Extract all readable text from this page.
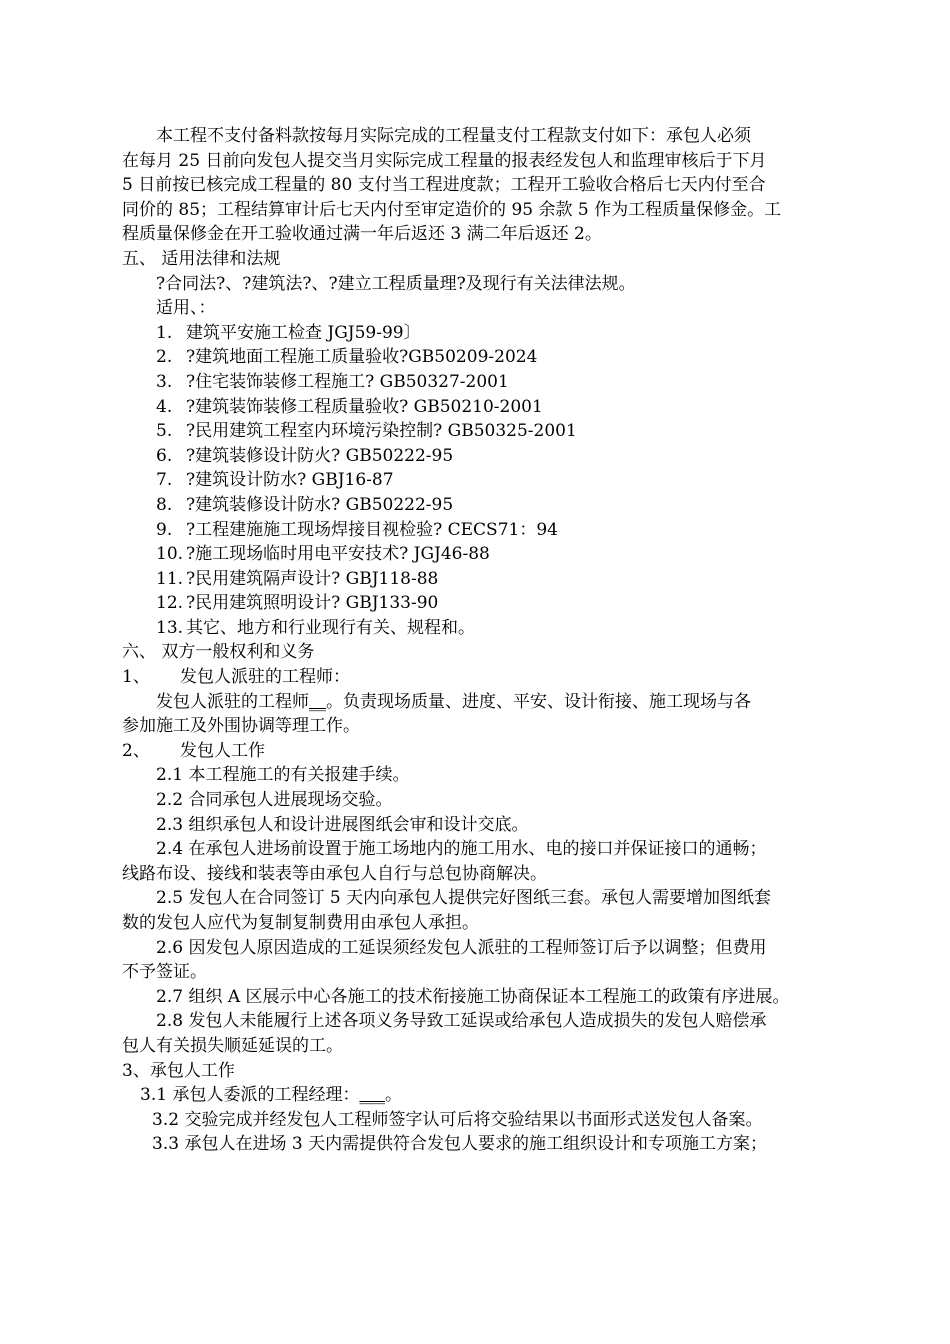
本工程不支付备料款按每月实际完成的工程量支付工程款支付如下：承包人必须

在每月 25 日前向发包人提交当月实际完成工程量的报表经发包人和监理审核后于下月

5 日前按已核完成工程量的 80 支付当工程进度款；工程开工验收合格后七天内付至合

同价的 85；工程结算审计后七天内付至审定造价的 95 余款 5 作为工程质量保修金。工

程质量保修金在开工验收通过满一年后返还 3 满二年后返还 2。

五、 适用法律和法规

?合同法?、?建筑法?、?建立工程质量理?及现行有关法律法规。

适用、：

1. 建筑平安施工检查 JGJ59-99〕

2. ?建筑地面工程施工质量验收?GB50209-2024

3. ?住宅装饰装修工程施工? GB50327-2001

4. ?建筑装饰装修工程质量验收? GB50210-2001

5. ?民用建筑工程室内环境污染控制? GB50325-2001

6. ?建筑装修设计防火? GB50222-95

7. ?建筑设计防水? GBJ16-87

8. ?建筑装修设计防水? GB50222-95

9. ?工程建施施工现场焊接目视检验? CECS71：94

10. ?施工现场临时用电平安技术? JGJ46-88

11. ?民用建筑隔声设计? GBJ118-88

12. ?民用建筑照明设计? GBJ133-90

13. 其它、地方和行业现行有关、规程和。

六、 双方一般权利和义务

1、 发包人派驻的工程师：

发包人派驻的工程师__。负责现场质量、进度、平安、设计衔接、施工现场与各

参加施工及外围协调等理工作。

2、 发包人工作

2.1 本工程施工的有关报建手续。

2.2 合同承包人进展现场交验。

2.3 组织承包人和设计进展图纸会审和设计交底。

2.4 在承包人进场前设置于施工场地内的施工用水、电的接口并保证接口的通畅；

线路布设、接线和装表等由承包人自行与总包协商解决。

2.5 发包人在合同签订 5 天内向承包人提供完好图纸三套。承包人需要增加图纸套

数的发包人应代为复制复制费用由承包人承担。

2.6 因发包人原因造成的工延误须经发包人派驻的工程师签订后予以调整；但费用

不予签证。

2.7 组织 A 区展示中心各施工的技术衔接施工协商保证本工程施工的政策有序进展。

2.8 发包人未能履行上述各项义务导致工延误或给承包人造成损失的发包人赔偿承

包人有关损失顺延延误的工。

3、承包人工作

3.1 承包人委派的工程经理：___。

3.2 交验完成并经发包人工程师签字认可后将交验结果以书面形式送发包人备案。

3.3 承包人在进场 3 天内需提供符合发包人要求的施工组织设计和专项施工方案；
